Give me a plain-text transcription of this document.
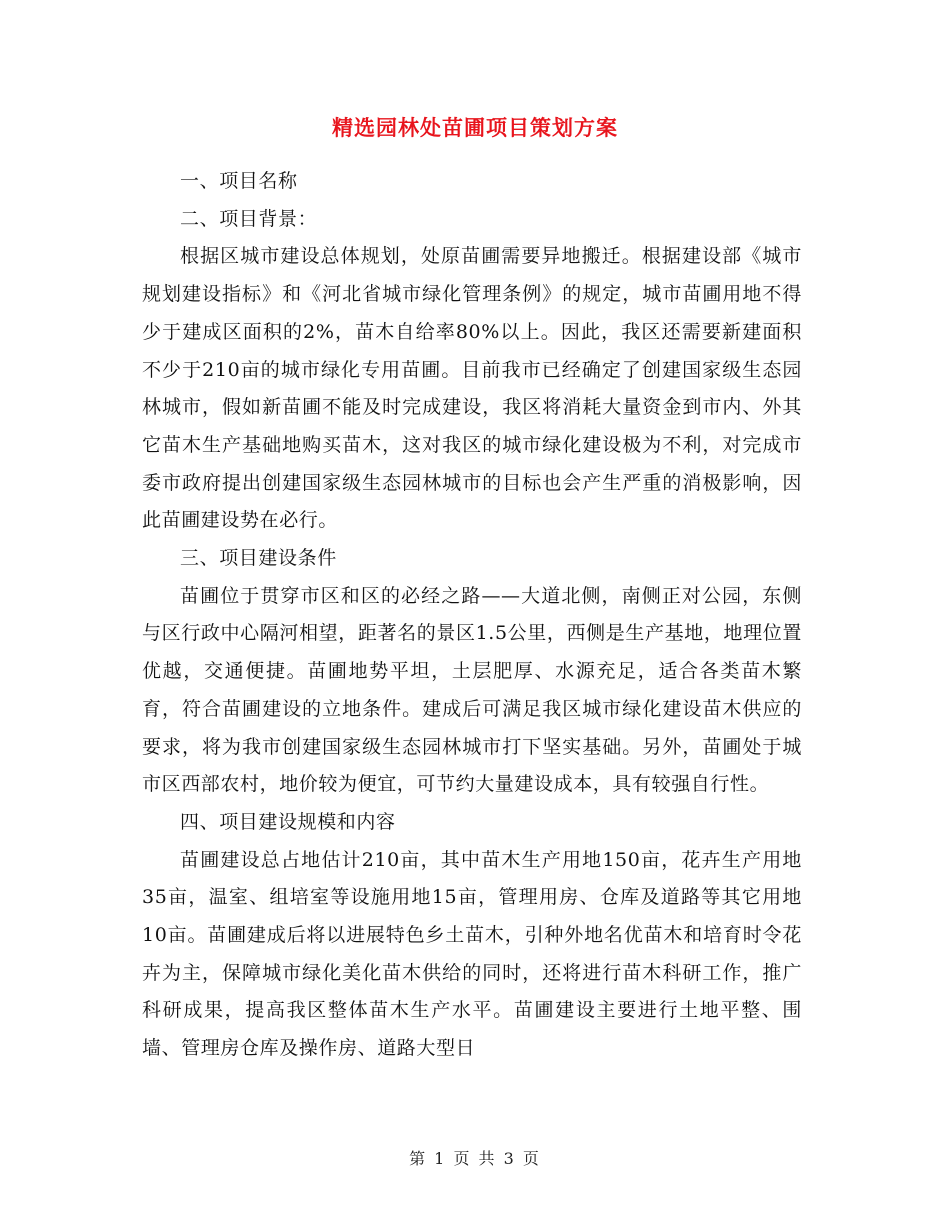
精选园林处苗圃项目策划方案

一、项目名称

二、项目背景：

根据区城市建设总体规划，处原苗圃需要异地搬迁。根据建设部《城市规划建设指标》和《河北省城市绿化管理条例》的规定，城市苗圃用地不得少于建成区面积的2%，苗木自给率80%以上。因此，我区还需要新建面积不少于210亩的城市绿化专用苗圃。目前我市已经确定了创建国家级生态园林城市，假如新苗圃不能及时完成建设，我区将消耗大量资金到市内、外其它苗木生产基础地购买苗木，这对我区的城市绿化建设极为不利，对完成市委市政府提出创建国家级生态园林城市的目标也会产生严重的消极影响，因此苗圃建设势在必行。

三、项目建设条件

苗圃位于贯穿市区和区的必经之路——大道北侧，南侧正对公园，东侧与区行政中心隔河相望，距著名的景区1.5公里，西侧是生产基地，地理位置优越，交通便捷。苗圃地势平坦，土层肥厚、水源充足，适合各类苗木繁育，符合苗圃建设的立地条件。建成后可满足我区城市绿化建设苗木供应的要求，将为我市创建国家级生态园林城市打下坚实基础。另外，苗圃处于城市区西部农村，地价较为便宜，可节约大量建设成本，具有较强自行性。

四、项目建设规模和内容

苗圃建设总占地估计210亩，其中苗木生产用地150亩，花卉生产用地35亩，温室、组培室等设施用地15亩，管理用房、仓库及道路等其它用地10亩。苗圃建成后将以进展特色乡土苗木，引种外地名优苗木和培育时令花卉为主，保障城市绿化美化苗木供给的同时，还将进行苗木科研工作，推广科研成果，提高我区整体苗木生产水平。苗圃建设主要进行土地平整、围墙、管理房仓库及操作房、道路大型日

第 1 页 共 3 页
